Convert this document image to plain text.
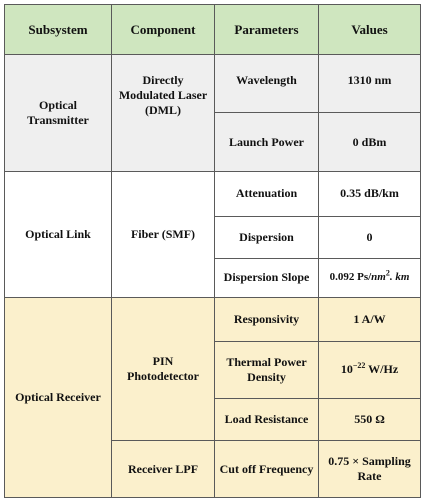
Subsystem	Component	Parameters	Values
Optical Transmitter	Directly Modulated Laser (DML)	Wavelength	1310 nm
		Launch Power	0 dBm
Optical Link	Fiber (SMF)	Attenuation	0.35 dB/km
		Dispersion	0
		Dispersion Slope	0.092 $Ps/nm^2$. km
Optical Receiver	PIN Photodetector	Responsivity	1 A/W
		Thermal Power Density	$10^{-22}$ W/Hz
		Load Resistance	550 Ω
	Receiver LPF	Cut off Frequency	0.75 × Sampling Rate
